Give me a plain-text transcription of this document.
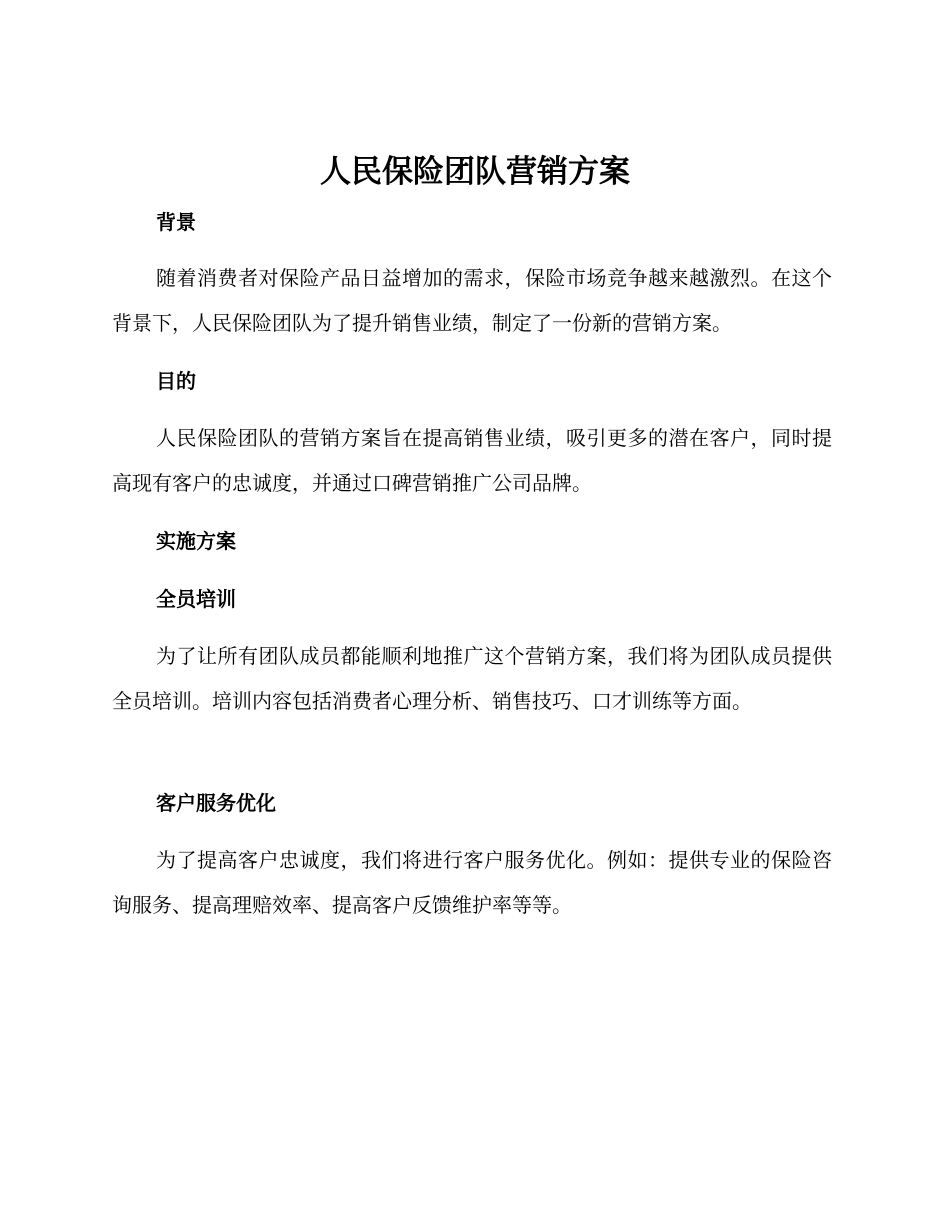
人民保险团队营销方案
背景

随着消费者对保险产品日益增加的需求，保险市场竞争越来越激烈。在这个背景下，人民保险团队为了提升销售业绩，制定了一份新的营销方案。

目的

人民保险团队的营销方案旨在提高销售业绩，吸引更多的潜在客户，同时提高现有客户的忠诚度，并通过口碑营销推广公司品牌。

实施方案
全员培训

为了让所有团队成员都能顺利地推广这个营销方案，我们将为团队成员提供全员培训。培训内容包括消费者心理分析、销售技巧、口才训练等方面。

客户服务优化

为了提高客户忠诚度，我们将进行客户服务优化。例如：提供专业的保险咨询服务、提高理赔效率、提高客户反馈维护率等等。
